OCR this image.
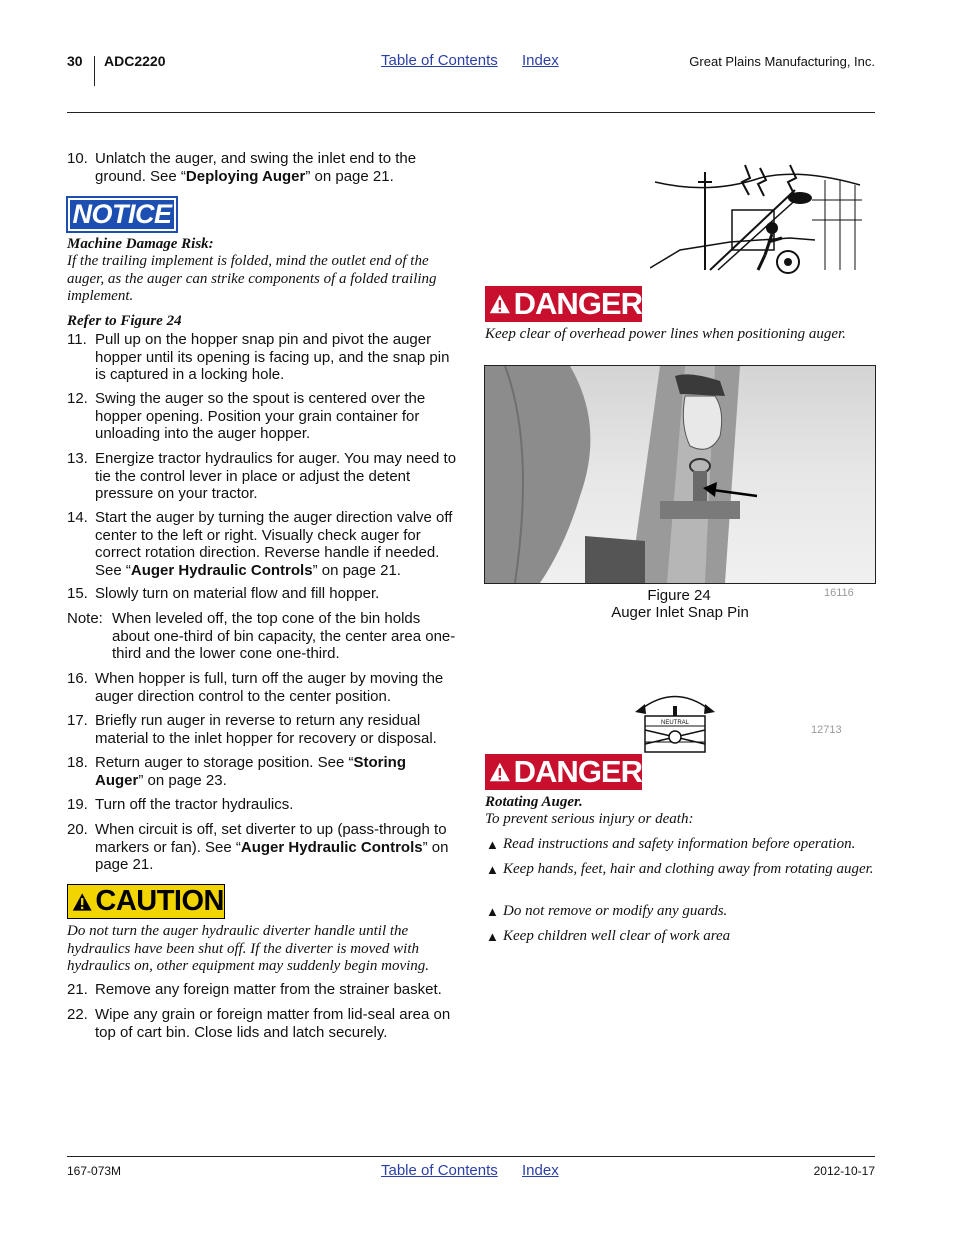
30 ADC2220	Table of Contents Index	Great Plains Manufacturing, Inc.
10. Unlatch the auger, and swing the inlet end to the ground. See “Deploying Auger” on page 21.
NOTICE
Machine Damage Risk:
If the trailing implement is folded, mind the outlet end of the auger, as the auger can strike components of a folded trailing implement.
Refer to Figure 24
11. Pull up on the hopper snap pin and pivot the auger hopper until its opening is facing up, and the snap pin is captured in a locking hole.
12. Swing the auger so the spout is centered over the hopper opening. Position your grain container for unloading into the auger hopper.
13. Energize tractor hydraulics for auger. You may need to tie the control lever in place or adjust the detent pressure on your tractor.
14. Start the auger by turning the auger direction valve off center to the left or right. Visually check auger for correct rotation direction. Reverse handle if needed. See “Auger Hydraulic Controls” on page 21.
15. Slowly turn on material flow and fill hopper.
Note: When leveled off, the top cone of the bin holds about one-third of bin capacity, the center area one-third and the lower cone one-third.
16. When hopper is full, turn off the auger by moving the auger direction control to the center position.
17. Briefly run auger in reverse to return any residual material to the inlet hopper for recovery or disposal.
18. Return auger to storage position. See “Storing Auger” on page 23.
19. Turn off the tractor hydraulics.
20. When circuit is off, set diverter to up (pass-through to markers or fan). See “Auger Hydraulic Controls” on page 21.
CAUTION
Do not turn the auger hydraulic diverter handle until the hydraulics have been shut off. If the diverter is moved with hydraulics on, other equipment may suddenly begin moving.
21. Remove any foreign matter from the strainer basket.
22. Wipe any grain or foreign matter from lid-seal area on top of cart bin. Close lids and latch securely.
DANGER
Keep clear of overhead power lines when positioning auger.
Figure 24
Auger Inlet Snap Pin
16116
NEUTRAL
12713
DANGER
Rotating Auger.
To prevent serious injury or death:
▲ Read instructions and safety information before operation.
▲ Keep hands, feet, hair and clothing away from rotating auger.
▲ Do not remove or modify any guards.
▲ Keep children well clear of work area
167-073M	Table of Contents Index	2012-10-17
